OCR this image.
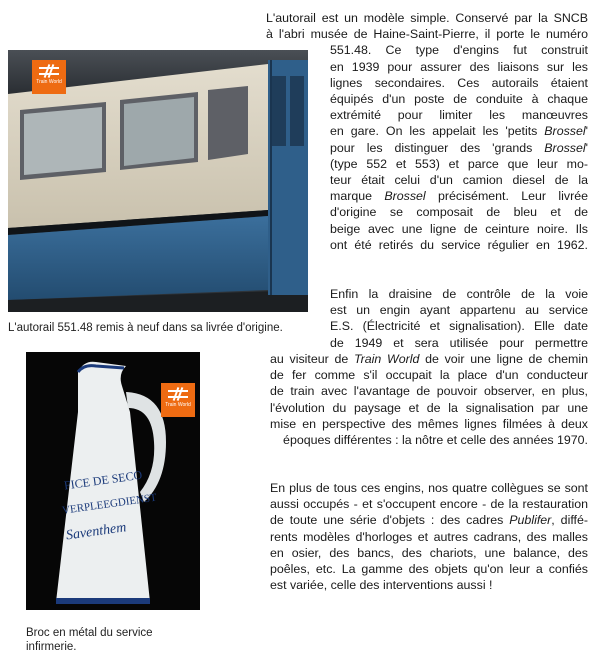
Train World
L'autorail 551.48 remis à neuf dans sa livrée d'origine.
FICE DE SECO
VERPLEEGDIENST
Saventhem
Train World
Broc en métal du service
infirmerie.
L'autorail est un modèle simple. Conservé par la SNCB
à l'abri musée de Haine-Saint-Pierre, il porte le numéro
551.48. Ce type d'engins fut construit
en 1939 pour assurer des liaisons sur les
lignes secondaires. Ces autorails étaient
équipés d'un poste de conduite à chaque
extrémité pour limiter les manœuvres
en gare. On les appelait les 'petits Brossel'
pour les distinguer des 'grands Brossel'
(type 552 et 553) et parce que leur mo-
teur était celui d'un camion diesel de la
marque Brossel précisément. Leur livrée
d'origine se composait de bleu et de
beige avec une ligne de ceinture noire. Ils
ont été retirés du service régulier en 1962.
Enfin la draisine de contrôle de la voie
est un engin ayant appartenu au service
E.S. (Électricité et signalisation). Elle date
de 1949 et sera utilisée pour permettre
au visiteur de Train World de voir une ligne de chemin
de fer comme s'il occupait la place d'un conducteur
de train avec l'avantage de pouvoir observer, en plus,
l'évolution du paysage et de la signalisation par une
mise en perspective des mêmes lignes filmées à deux
époques différentes : la nôtre et celle des années 1970.
En plus de tous ces engins, nos quatre collègues se sont
aussi occupés - et s'occupent encore - de la restauration
de toute une série d'objets : des cadres Publifer, diffé-
rents modèles d'horloges et autres cadrans, des malles
en osier, des bancs, des chariots, une balance, des
poêles, etc. La gamme des objets qu'on leur a confiés
est variée, celle des interventions aussi !
